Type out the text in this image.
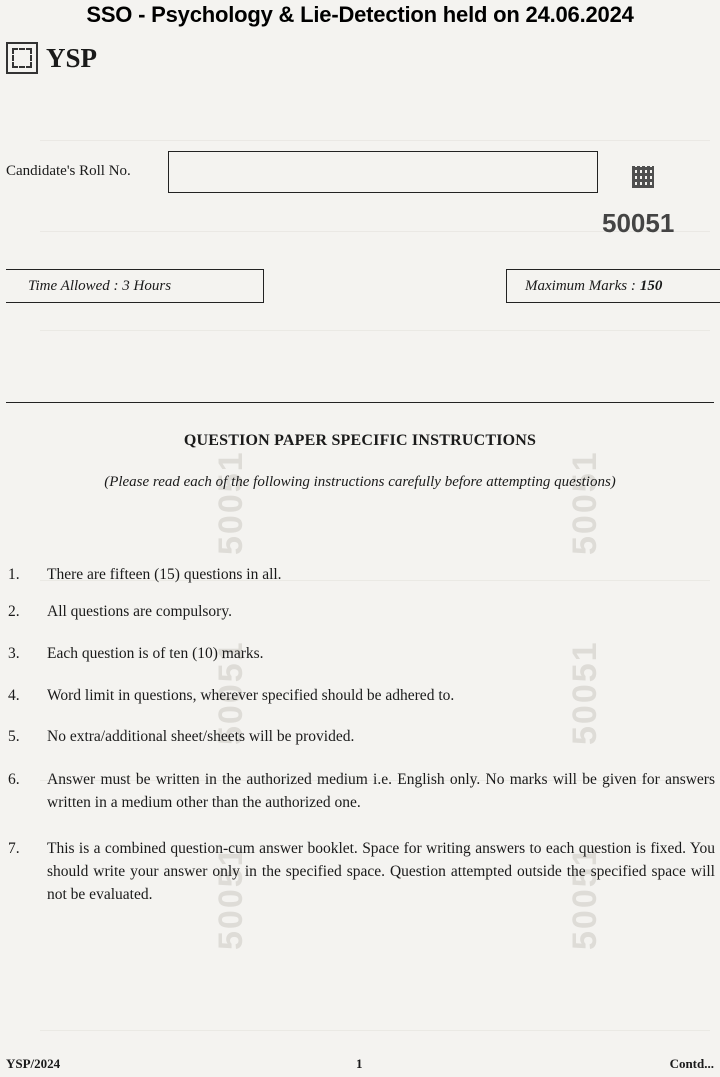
50051	50051
50051	50051
50051	50051
SSO - Psychology & Lie-Detection held on 24.06.2024
YSP
Candidate's Roll No.
50051
Time Allowed : 3 Hours	Maximum Marks : 150
QUESTION PAPER SPECIFIC INSTRUCTIONS
(Please read each of the following instructions carefully before attempting questions)
1. There are fifteen (15) questions in all.
2. All questions are compulsory.
3. Each question is of ten (10) marks.
4. Word limit in questions, wherever specified should be adhered to.
5. No extra/additional sheet/sheets will be provided.
6. Answer must be written in the authorized medium i.e. English only. No marks will be given for answers written in a medium other than the authorized one.
7. This is a combined question-cum answer booklet. Space for writing answers to each question is fixed. You should write your answer only in the specified space. Question attempted outside the specified space will not be evaluated.
YSP/2024	1	Contd...
